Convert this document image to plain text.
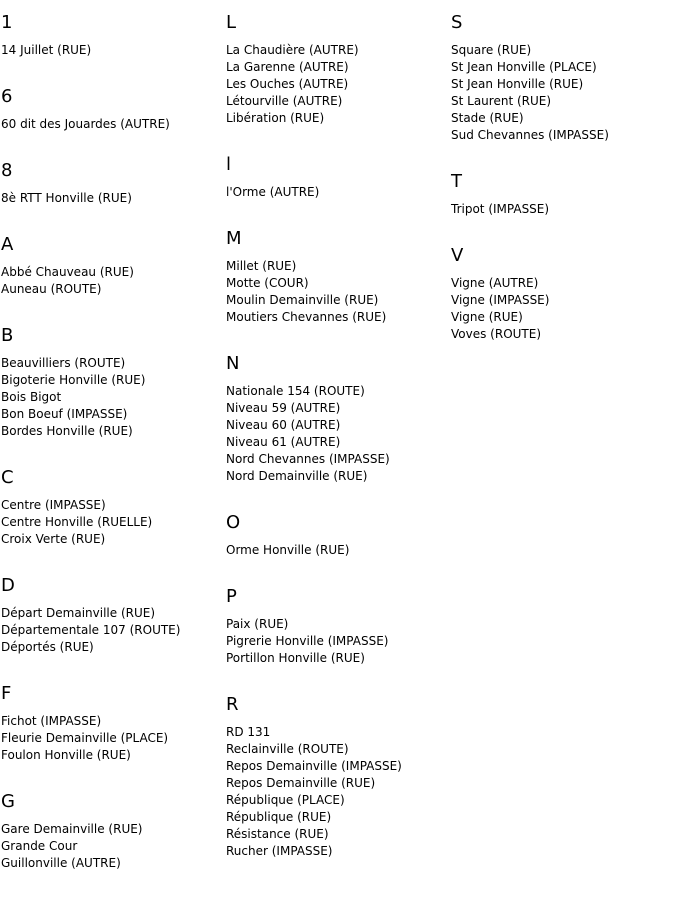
1
14 Juillet (RUE)
6
60 dit des Jouardes (AUTRE)
8
8è RTT Honville (RUE)
A
Abbé Chauveau (RUE)
Auneau (ROUTE)
B
Beauvilliers (ROUTE)
Bigoterie Honville (RUE)
Bois Bigot
Bon Boeuf (IMPASSE)
Bordes Honville (RUE)
C
Centre (IMPASSE)
Centre Honville (RUELLE)
Croix Verte (RUE)
D
Départ Demainville (RUE)
Départementale 107 (ROUTE)
Déportés (RUE)
F
Fichot (IMPASSE)
Fleurie Demainville (PLACE)
Foulon Honville (RUE)
G
Gare Demainville (RUE)
Grande Cour
Guillonville (AUTRE)
L
La Chaudière (AUTRE)
La Garenne (AUTRE)
Les Ouches (AUTRE)
Létourville (AUTRE)
Libération (RUE)
l
l'Orme (AUTRE)
M
Millet (RUE)
Motte (COUR)
Moulin Demainville (RUE)
Moutiers Chevannes (RUE)
N
Nationale 154 (ROUTE)
Niveau 59 (AUTRE)
Niveau 60 (AUTRE)
Niveau 61 (AUTRE)
Nord Chevannes (IMPASSE)
Nord Demainville (RUE)
O
Orme Honville (RUE)
P
Paix (RUE)
Pigrerie Honville (IMPASSE)
Portillon Honville (RUE)
R
RD 131
Reclainville (ROUTE)
Repos Demainville (IMPASSE)
Repos Demainville (RUE)
République (PLACE)
République (RUE)
Résistance (RUE)
Rucher (IMPASSE)
S
Square (RUE)
St Jean Honville (PLACE)
St Jean Honville (RUE)
St Laurent (RUE)
Stade (RUE)
Sud Chevannes (IMPASSE)
T
Tripot (IMPASSE)
V
Vigne (AUTRE)
Vigne (IMPASSE)
Vigne (RUE)
Voves (ROUTE)
